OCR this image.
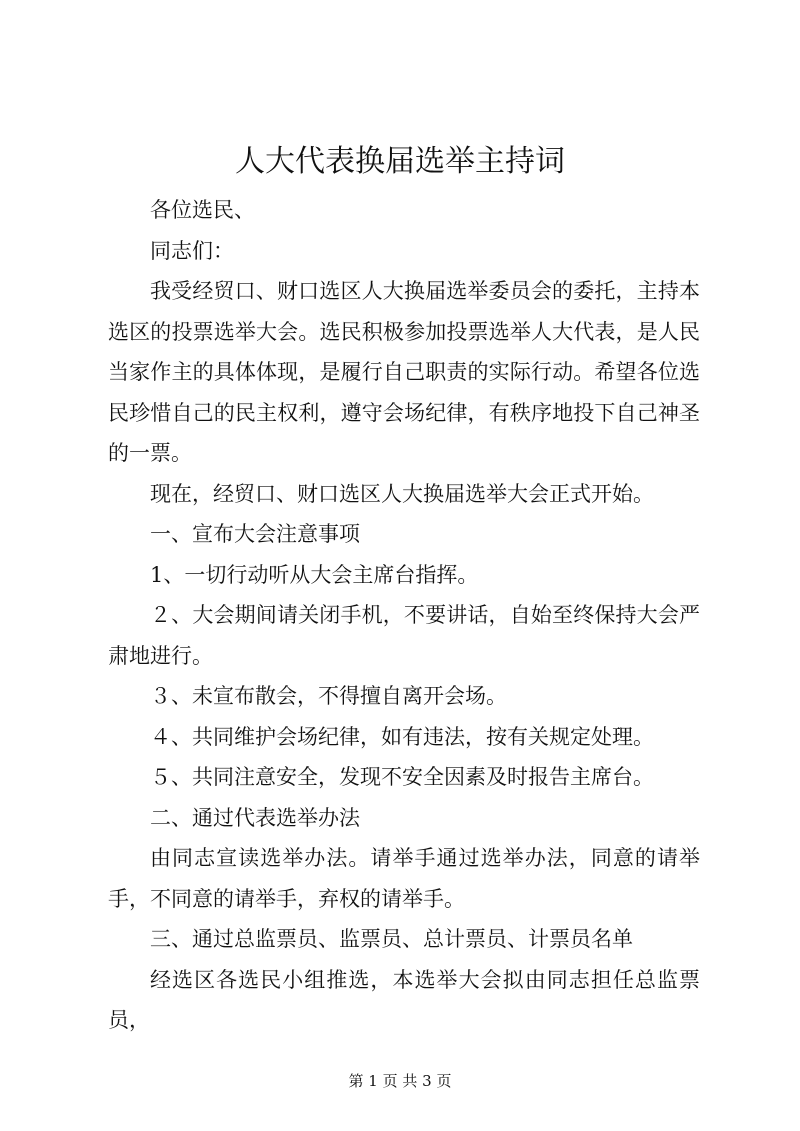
人大代表换届选举主持词

各位选民、

同志们：

我受经贸口、财口选区人大换届选举委员会的委托，主持本选区的投票选举大会。选民积极参加投票选举人大代表，是人民当家作主的具体体现，是履行自己职责的实际行动。希望各位选民珍惜自己的民主权利，遵守会场纪律，有秩序地投下自己神圣的一票。

现在，经贸口、财口选区人大换届选举大会正式开始。

一、宣布大会注意事项

1、一切行动听从大会主席台指挥。

２、大会期间请关闭手机，不要讲话，自始至终保持大会严肃地进行。

３、未宣布散会，不得擅自离开会场。

４、共同维护会场纪律，如有违法，按有关规定处理。

５、共同注意安全，发现不安全因素及时报告主席台。

二、通过代表选举办法

由同志宣读选举办法。请举手通过选举办法，同意的请举手，不同意的请举手，弃权的请举手。

三、通过总监票员、监票员、总计票员、计票员名单

经选区各选民小组推选，本选举大会拟由同志担任总监票员，

第 1 页 共 3 页
